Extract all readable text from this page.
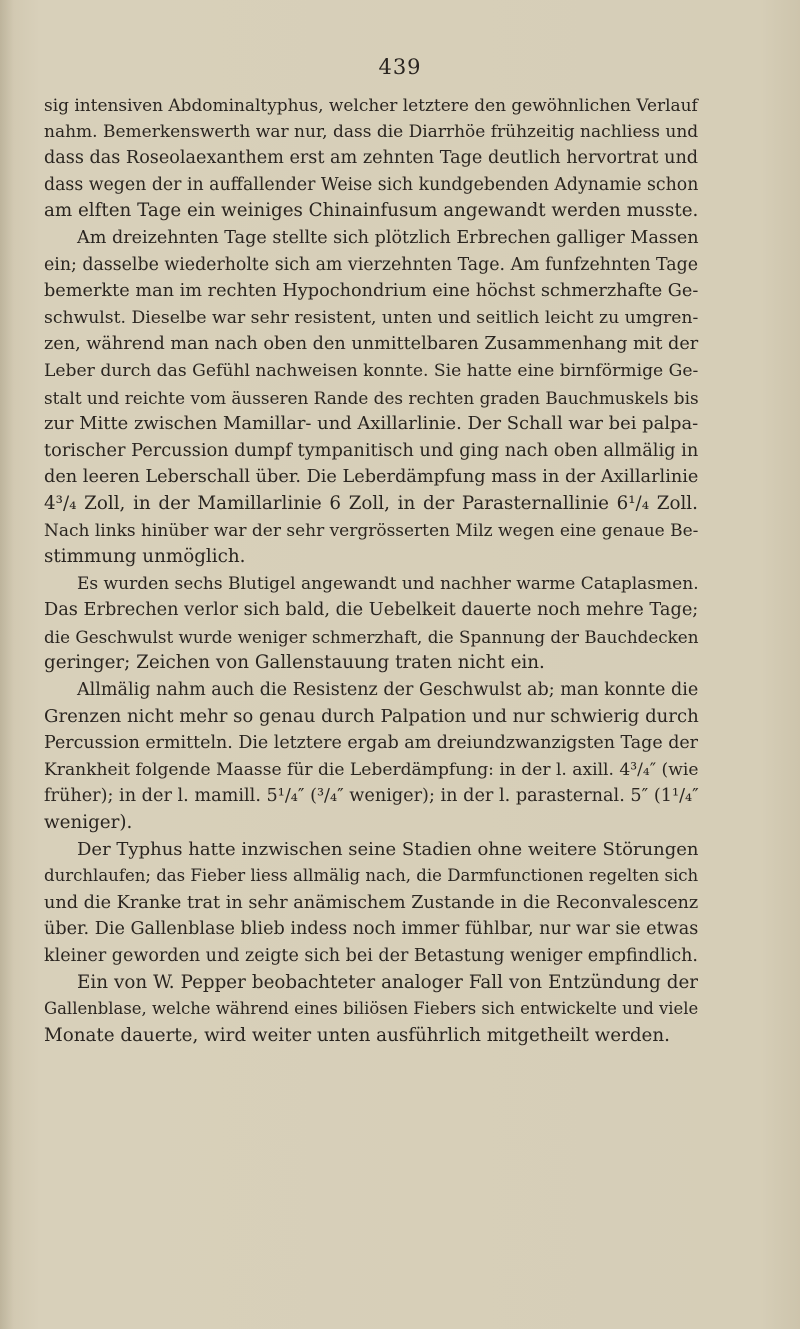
439
sig intensiven Abdominaltyphus, welcher letztere den gewöhnlichen Verlauf
nahm. Bemerkenswerth war nur, dass die Diarrhöe frühzeitig nachliess und
dass das Roseolaexanthem erst am zehnten Tage deutlich hervortrat und
dass wegen der in auffallender Weise sich kundgebenden Adynamie schon
am elften Tage ein weiniges Chinainfusum angewandt werden musste.
Am dreizehnten Tage stellte sich plötzlich Erbrechen galliger Massen
ein; dasselbe wiederholte sich am vierzehnten Tage. Am funfzehnten Tage
bemerkte man im rechten Hypochondrium eine höchst schmerzhafte Ge-
schwulst. Dieselbe war sehr resistent, unten und seitlich leicht zu umgren-
zen, während man nach oben den unmittelbaren Zusammenhang mit der
Leber durch das Gefühl nachweisen konnte. Sie hatte eine birnförmige Ge-
stalt und reichte vom äusseren Rande des rechten graden Bauchmuskels bis
zur Mitte zwischen Mamillar- und Axillarlinie. Der Schall war bei palpa-
torischer Percussion dumpf tympanitisch und ging nach oben allmälig in
den leeren Leberschall über. Die Leberdämpfung mass in der Axillarlinie
4³/₄ Zoll, in der Mamillarlinie 6 Zoll, in der Parasternallinie 6¹/₄ Zoll.
Nach links hinüber war der sehr vergrösserten Milz wegen eine genaue Be-
stimmung unmöglich.
Es wurden sechs Blutigel angewandt und nachher warme Cataplasmen.
Das Erbrechen verlor sich bald, die Uebelkeit dauerte noch mehre Tage;
die Geschwulst wurde weniger schmerzhaft, die Spannung der Bauchdecken
geringer; Zeichen von Gallenstauung traten nicht ein.
Allmälig nahm auch die Resistenz der Geschwulst ab; man konnte die
Grenzen nicht mehr so genau durch Palpation und nur schwierig durch
Percussion ermitteln. Die letztere ergab am dreiundzwanzigsten Tage der
Krankheit folgende Maasse für die Leberdämpfung: in der l. axill. 4³/₄″ (wie
früher); in der l. mamill. 5¹/₄″ (³/₄″ weniger); in der l. parasternal. 5″ (1¹/₄″
weniger).
Der Typhus hatte inzwischen seine Stadien ohne weitere Störungen
durchlaufen; das Fieber liess allmälig nach, die Darmfunctionen regelten sich
und die Kranke trat in sehr anämischem Zustande in die Reconvalescenz
über. Die Gallenblase blieb indess noch immer fühlbar, nur war sie etwas
kleiner geworden und zeigte sich bei der Betastung weniger empfindlich.
Ein von W. Pepper beobachteter analoger Fall von Entzündung der
Gallenblase, welche während eines biliösen Fiebers sich entwickelte und viele
Monate dauerte, wird weiter unten ausführlich mitgetheilt werden.
